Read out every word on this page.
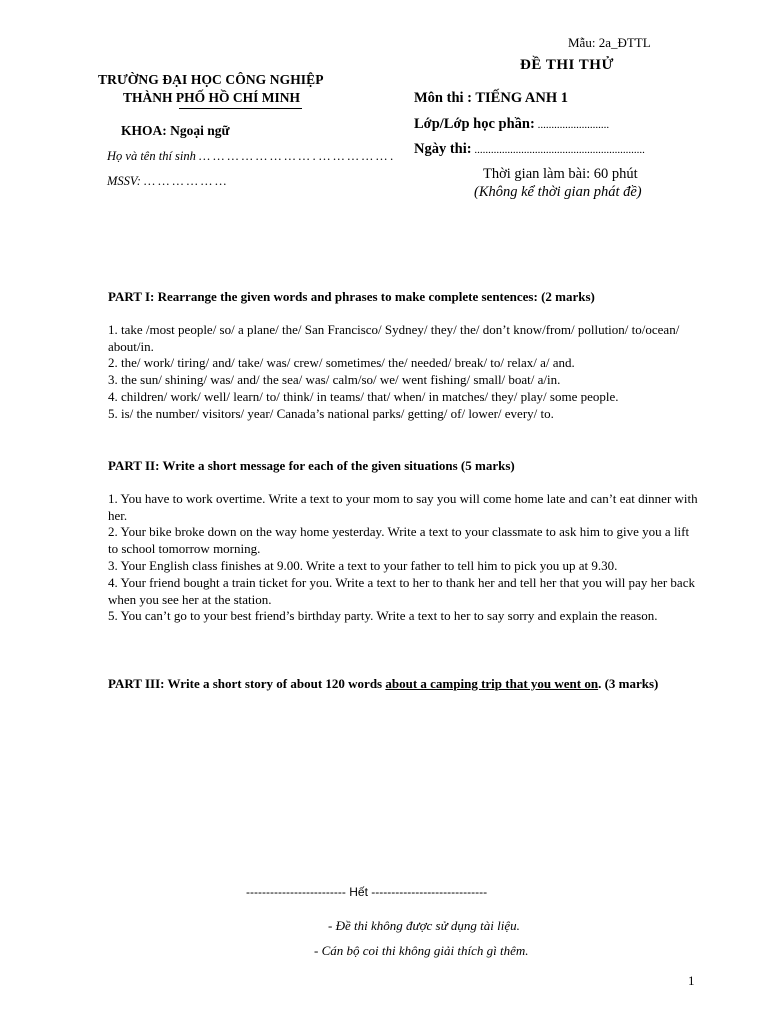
Mẫu: 2a_ĐTTL
TRƯỜNG ĐẠI HỌC CÔNG NGHIỆP
THÀNH PHỐ HỒ CHÍ MINH
KHOA: Ngoại ngữ
Họ và tên thí sinh … … … … … … … … . … … … … … .
MSSV: … … … … … …
ĐỀ THI THỬ
Môn thi : TIẾNG ANH 1
Lớp/Lớp học phần: ..........................
Ngày thi: ..............................................................
Thời gian làm bài: 60 phút
(Không kể thời gian phát đề)

PART I: Rearrange the given words and phrases to make complete sentences: (2 marks)

1. take /most people/ so/ a plane/ the/ San Francisco/ Sydney/ they/ the/ don’t know/from/ pollution/ to/ocean/ about/in.

2. the/ work/ tiring/ and/ take/ was/ crew/ sometimes/ the/ needed/ break/ to/ relax/ a/ and.

3. the sun/ shining/ was/ and/ the sea/ was/ calm/so/ we/ went fishing/ small/ boat/ a/in.

4. children/ work/ well/ learn/ to/ think/ in teams/ that/ when/ in matches/ they/ play/ some people.

5. is/ the number/ visitors/ year/ Canada’s national parks/ getting/ of/ lower/ every/ to.

PART II: Write a short message for each of the given situations (5 marks)

1. You have to work overtime. Write a text to your mom to say you will come home late and can’t eat dinner with her.

2. Your bike broke down on the way home yesterday. Write a text to your classmate to ask him to give you a lift to school tomorrow morning.

3. Your English class finishes at 9.00. Write a text to your father to tell him to pick you up at 9.30.

4. Your friend bought a train ticket for you. Write a text to her to thank her and tell her that you will pay her back when you see her at the station.

5. You can’t go to your best friend’s birthday party. Write a text to her to say sorry and explain the reason.

PART III: Write a short story of about 120 words about a camping trip that you went on. (3 marks)

------------------------- Hết -----------------------------
- Đề thi không được sử dụng tài liệu.
- Cán bộ coi thi không giải thích gì thêm.
1
